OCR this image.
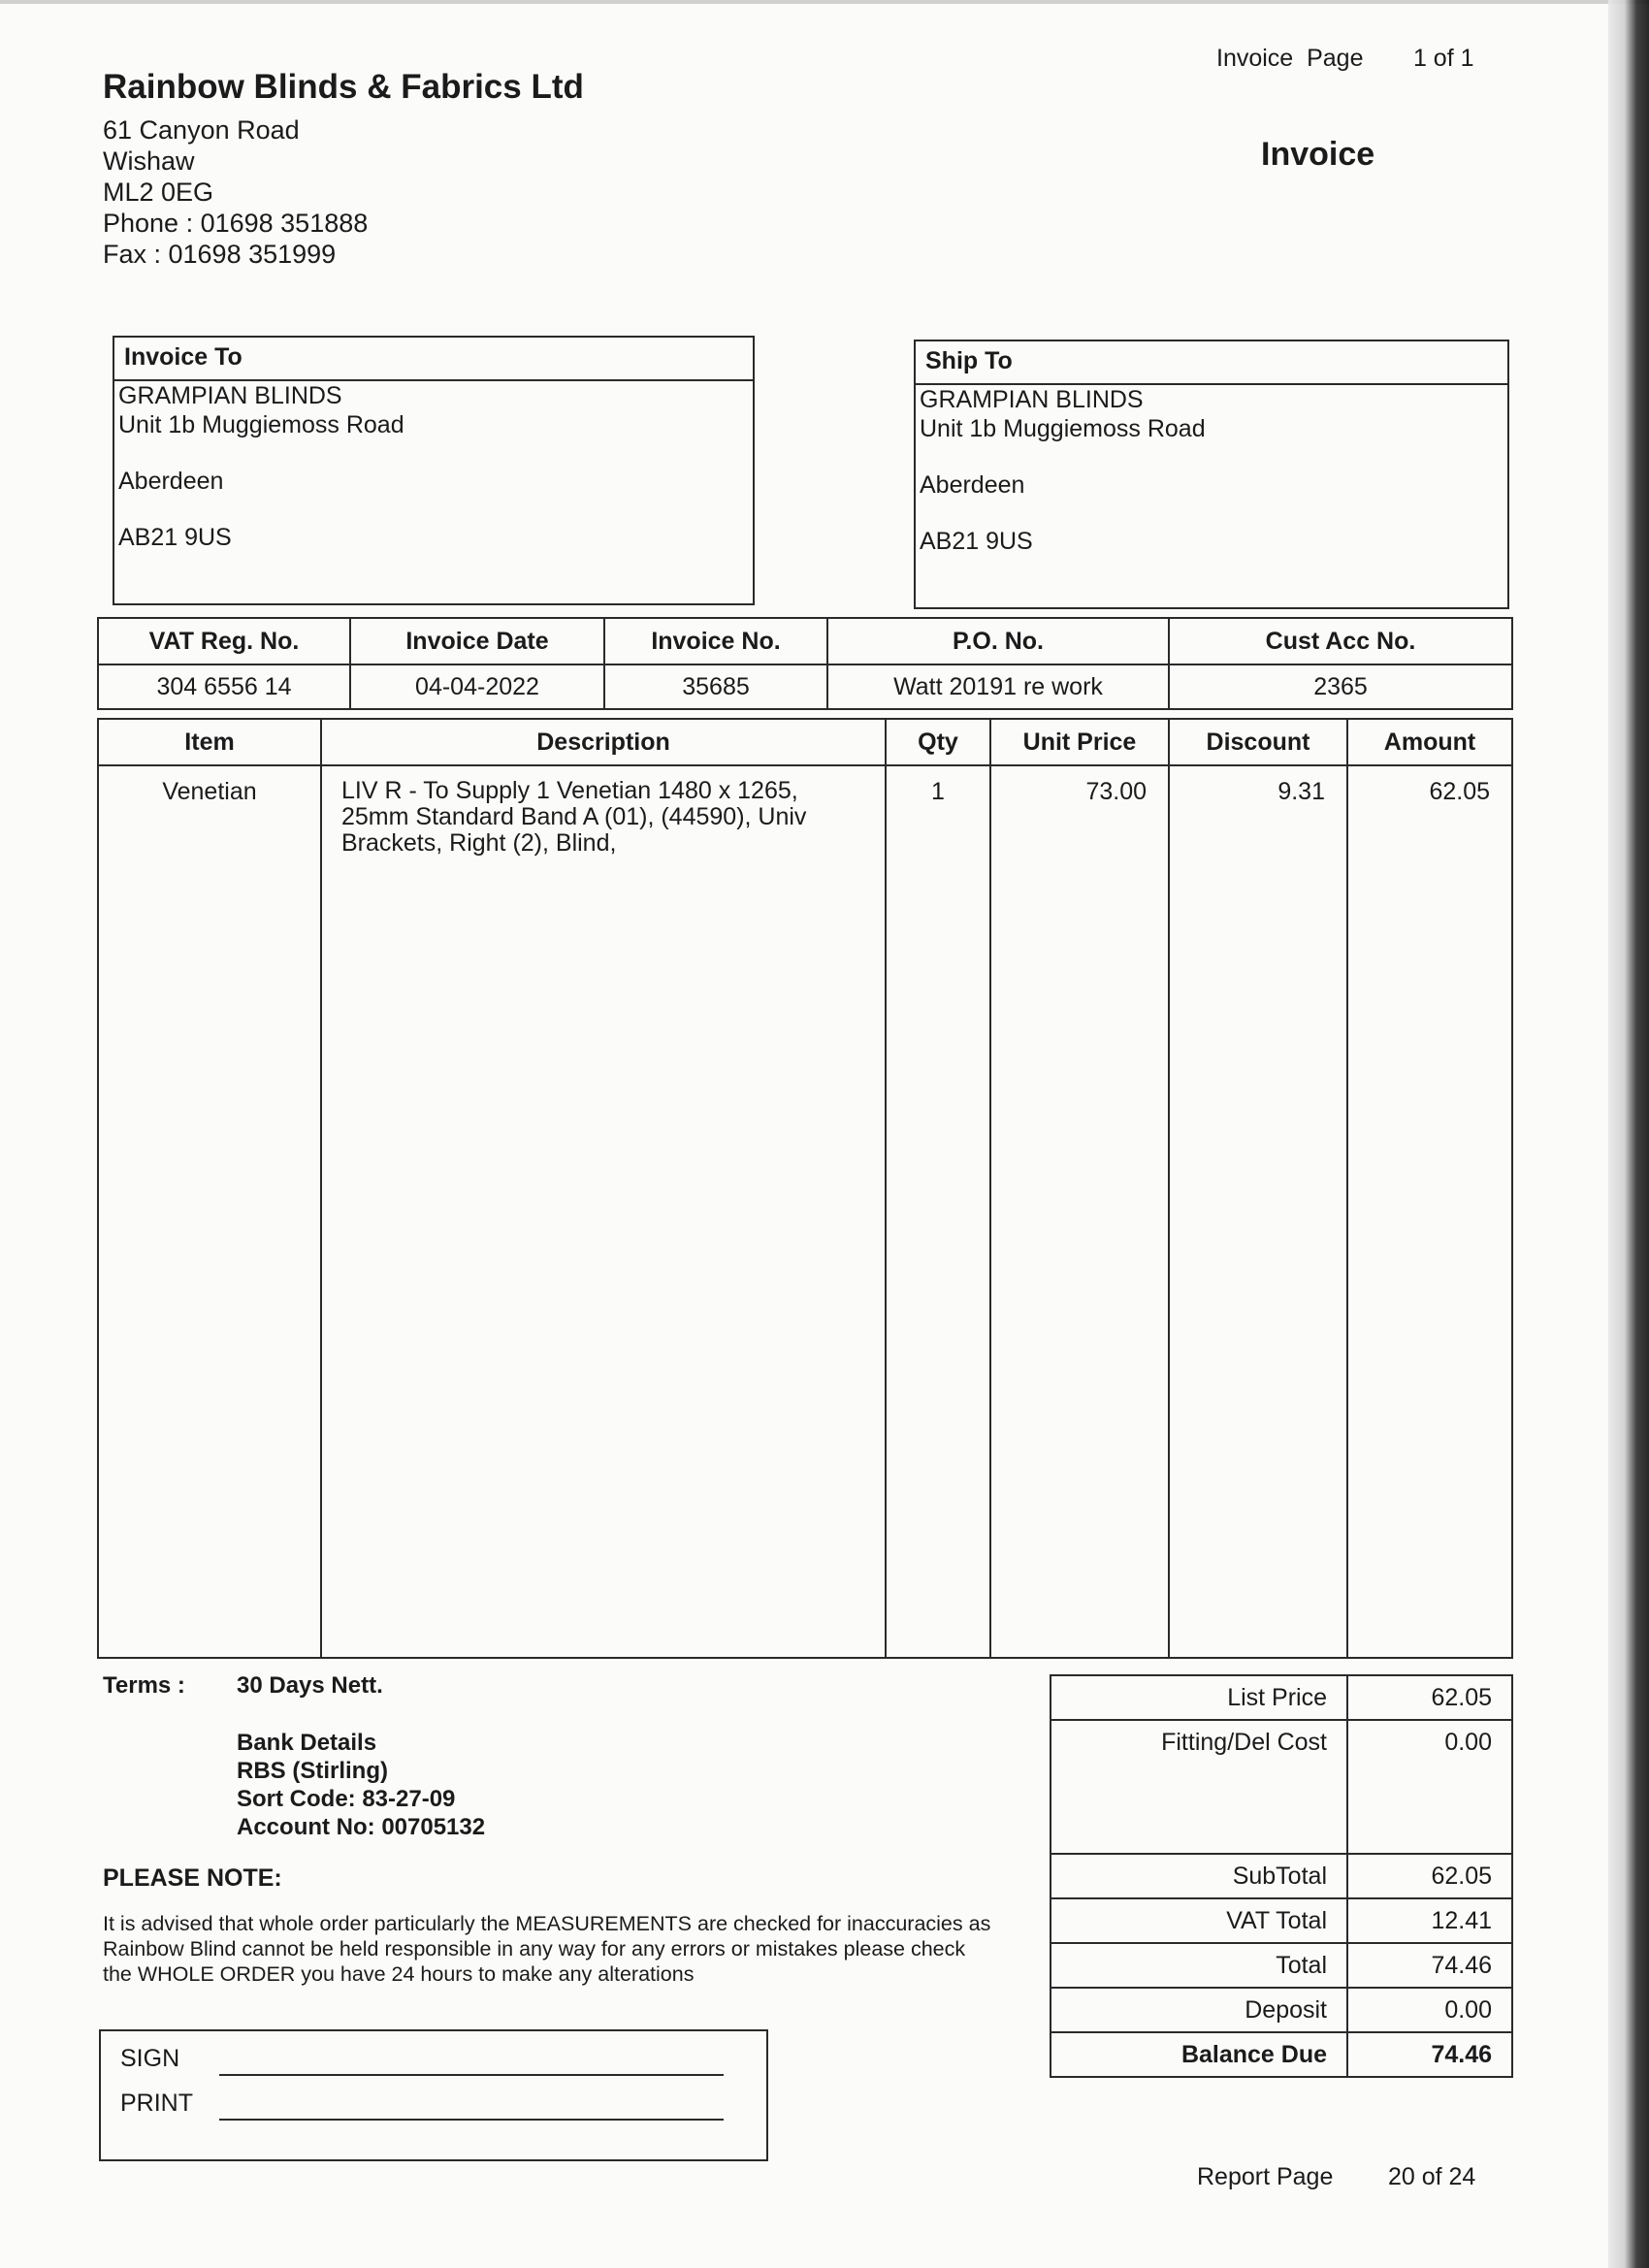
Rainbow Blinds & Fabrics Ltd
61 Canyon Road
Wishaw
ML2 0EG
Phone : 01698 351888
Fax : 01698 351999
Invoice  Page 1 of 1
Invoice
Invoice To
GRAMPIAN BLINDS
Unit 1b Muggiemoss Road
Aberdeen
AB21 9US
Ship To
GRAMPIAN BLINDS
Unit 1b Muggiemoss Road
Aberdeen
AB21 9US
VAT Reg. No.	Invoice Date	Invoice No.	P.O. No.	Cust Acc No.
304 6556 14	04-04-2022	35685	Watt 20191 re work	2365
Item	Description	Qty	Unit Price	Discount	Amount
Venetian	LIV R - To Supply 1 Venetian 1480 x 1265, 25mm Standard Band A (01), (44590), Univ Brackets, Right (2), Blind,	1	73.00	9.31	62.05
Terms : 30 Days Nett.
Bank Details
RBS (Stirling)
Sort Code: 83-27-09
Account No: 00705132
PLEASE NOTE:
It is advised that whole order particularly the MEASUREMENTS are checked for inaccuracies as Rainbow Blind cannot be held responsible in any way for any errors or mistakes please check the WHOLE ORDER you have 24 hours to make any alterations
SIGN
PRINT
List Price	62.05
Fitting/Del Cost	0.00
SubTotal	62.05
VAT Total	12.41
Total	74.46
Deposit	0.00
Balance Due	74.46
Report Page 20 of 24
